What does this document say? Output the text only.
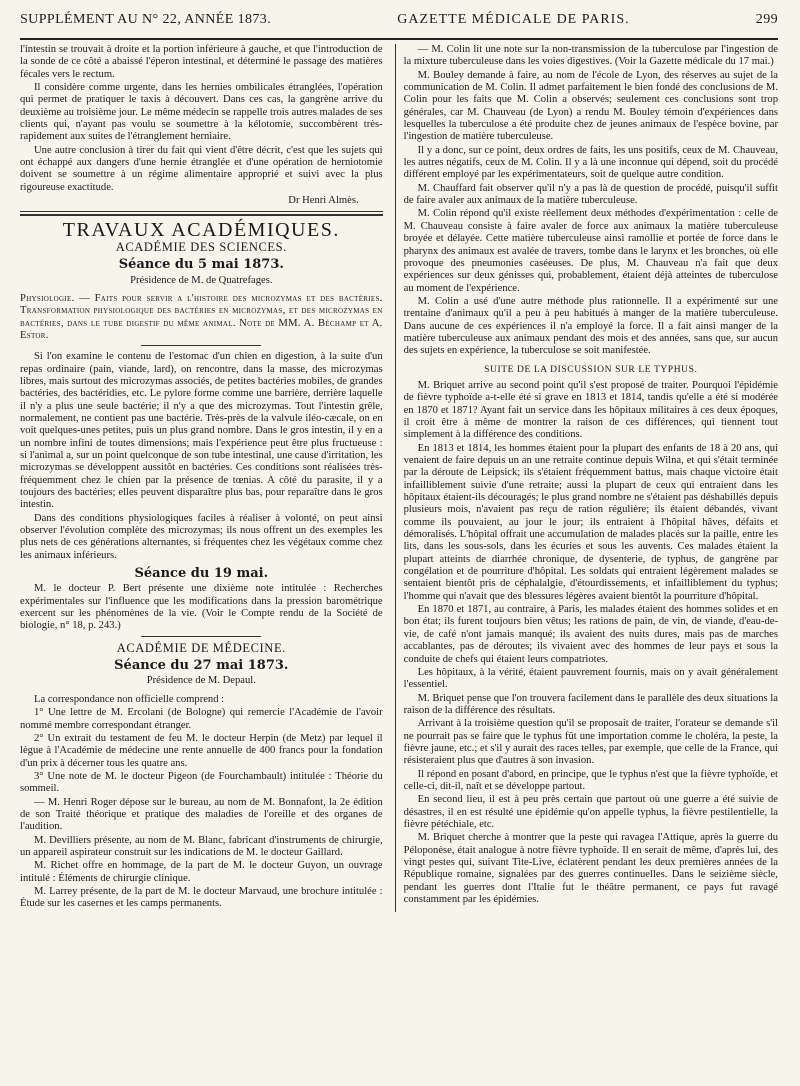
SUPPLÉMENT AU N° 22, ANNÉE 1873.	GAZETTE MÉDICALE DE PARIS.	299

l'intestin se trouvait à droite et la portion inférieure à gauche, et que l'introduction de la sonde de ce côté a abaissé l'éperon intestinal, et déterminé le passage des matières fécales vers le rectum.

Il considère comme urgente, dans les hernies ombilicales étranglées, l'opération qui permet de pratiquer le taxis à découvert. Dans ces cas, la gangrène arrive du deuxième au troisième jour. Le même médecin se rappelle trois autres malades de ses clients qui, n'ayant pas voulu se soumettre à la kélotomie, succombèrent très-rapidement aux suites de l'étranglement herniaire.

Une autre conclusion à tirer du fait qui vient d'être décrit, c'est que les sujets qui ont échappé aux dangers d'une hernie étranglée et d'une opération de herniotomie doivent se soumettre à un régime alimentaire approprié et suivi avec la plus rigoureuse exactitude.

Dr Henri Almès.
TRAVAUX ACADÉMIQUES.
ACADÉMIE DES SCIENCES.
Séance du 5 mai 1873.
Présidence de M. de Quatrefages.

Physiologie. — Faits pour servir a l'histoire des microzymas et des bactéries. Transformation physiologique des bactéries en microzymas, et des microzymas en bactéries, dans le tube digestif du même animal. Note de MM. A. Béchamp et A. Estor.

Si l'on examine le contenu de l'estomac d'un chien en digestion, à la suite d'un repas ordinaire (pain, viande, lard), on rencontre, dans la masse, des microzymas libres, mais surtout des microzymas associés, de petites bactéries mobiles, de grandes bactéries, des bactéridies, etc. Le pylore forme comme une barrière, derrière laquelle il n'y a plus une seule bactérie; il n'y a que des microzymas. Tout l'intestin grêle, normalement, ne contient pas une bactérie. Très-près de la valvule iléo-cæcale, on en voit quelques-unes petites, puis un plus grand nombre. Dans le gros intestin, il y en a un nombre infini de toutes dimensions; mais l'expérience peut être plus fructueuse : si l'animal a, sur un point quelconque de son tube intestinal, une cause d'irritation, les microzymas se développent aussitôt en bactéries. Ces conditions sont réalisées très-fréquemment chez le chien par la présence de tœnias. A côté du parasite, il y a toujours des bactéries; elles peuvent disparaître plus bas, pour reparaître dans le gros intestin.

Dans des conditions physiologiques faciles à réaliser à volonté, on peut ainsi observer l'évolution complète des microzymas; ils nous offrent un des exemples les plus nets de ces générations alternantes, si fréquentes chez les végétaux comme chez les animaux inférieurs.

Séance du 19 mai.

M. le docteur P. Bert présente une dixième note intitulée : Recherches expérimentales sur l'influence que les modifications dans la pression barométrique exercent sur les phénomènes de la vie. (Voir le Compte rendu de la Société de biologie, n° 18, p. 243.)

ACADÉMIE DE MÉDECINE.
Séance du 27 mai 1873.
Présidence de M. Depaul.

La correspondance non officielle comprend :

1° Une lettre de M. Ercolani (de Bologne) qui remercie l'Académie de l'avoir nommé membre correspondant étranger.

2° Un extrait du testament de feu M. le docteur Herpin (de Metz) par lequel il lègue à l'Académie de médecine une rente annuelle de 400 francs pour la fondation d'un prix à décerner tous les quatre ans.

3° Une note de M. le docteur Pigeon (de Fourchambault) intitulée : Théorie du sommeil.

— M. Henri Roger dépose sur le bureau, au nom de M. Bonnafont, la 2e édition de son Traité théorique et pratique des maladies de l'oreille et des organes de l'audition.

M. Devilliers présente, au nom de M. Blanc, fabricant d'instruments de chirurgie, un appareil aspirateur construit sur les indications de M. le docteur Gaillard.

M. Richet offre en hommage, de la part de M. le docteur Guyon, un ouvrage intitulé : Éléments de chirurgie clinique.

M. Larrey présente, de la part de M. le docteur Marvaud, une brochure intitulée : Étude sur les casernes et les camps permanents.

— M. Colin lit une note sur la non-transmission de la tuberculose par l'ingestion de la mixture tuberculeuse dans les voies digestives. (Voir la Gazette médicale du 17 mai.)

M. Bouley demande à faire, au nom de l'école de Lyon, des réserves au sujet de la communication de M. Colin. Il admet parfaitement le bien fondé des conclusions de M. Colin pour les faits que M. Colin a observés; seulement ces conclusions sont trop générales, car M. Chauveau (de Lyon) a rendu M. Bouley témoin d'expériences dans lesquelles la tuberculose a été produite chez de jeunes animaux de l'espèce bovine, par l'ingestion de matière tuberculeuse.

Il y a donc, sur ce point, deux ordres de faits, les uns positifs, ceux de M. Chauveau, les autres négatifs, ceux de M. Colin. Il y a là une inconnue qui dépend, soit du procédé différent employé par les expérimentateurs, soit de quelque autre condition.

M. Chauffard fait observer qu'il n'y a pas là de question de procédé, puisqu'il suffit de faire avaler aux animaux de la matière tuberculeuse.

M. Colin répond qu'il existe réellement deux méthodes d'expérimentation : celle de M. Chauveau consiste à faire avaler de force aux animaux la matière tuberculeuse broyée et délayée. Cette matière tuberculeuse ainsi ramollie et portée de force dans le pharynx des animaux est avalée de travers, tombe dans le larynx et les bronches, où elle provoque des pneumonies caséeuses. De plus, M. Chauveau n'a fait que deux expériences sur deux génisses qui, probablement, étaient déjà atteintes de tuberculose au moment de l'expérience.

M. Colin a usé d'une autre méthode plus rationnelle. Il a expérimenté sur une trentaine d'animaux qu'il a peu à peu habitués à manger de la matière tuberculeuse. Dans aucune de ces expériences il n'a employé la force. Il a fait ainsi manger de la matière tuberculeuse aux animaux pendant des mois et des années, sans que, sur aucun des sujets en expérience, la tuberculose se soit manifestée.

SUITE DE LA DISCUSSION SUR LE TYPHUS.

M. Briquet arrive au second point qu'il s'est proposé de traiter. Pourquoi l'épidémie de fièvre typhoïde a-t-elle été si grave en 1813 et 1814, tandis qu'elle a été si modérée en 1870 et 1871? Ayant fait un service dans les hôpitaux militaires à ces deux époques, il croit être à même de montrer la raison de ces différences, qui tiennent tout simplement à la différence des conditions.

En 1813 et 1814, les hommes étaient pour la plupart des enfants de 18 à 20 ans, qui venaient de faire depuis un an une retraite continue depuis Wilna, et qui s'était terminée par la déroute de Leipsick; ils s'étaient fréquemment battus, mais chaque victoire était infailliblement suivie d'une retraite; aussi la plupart de ceux qui entraient dans les hôpitaux étaient-ils découragés; le plus grand nombre ne s'étaient pas déshabillés depuis plusieurs mois, n'avaient pas reçu de ration régulière; ils étaient débandés, vivant comme ils pouvaient, au jour le jour; ils entraient à l'hôpital hâves, défaits et démoralisés. L'hôpital offrait une accumulation de malades placés sur la paille, entre les lits, dans les sous-sols, dans les écuries et sous les auvents. Ces malades étaient la plupart atteints de diarrhée chronique, de dysenterie, de typhus, de gangrène par congélation et de pourriture d'hôpital. Les soldats qui entraient légèrement malades se sentaient bientôt pris de céphalalgie, d'étourdissements, et infailliblement du typhus; l'homme qui n'avait que des blessures légères avaient bientôt la pourriture d'hôpital.

En 1870 et 1871, au contraire, à Paris, les malades étaient des hommes solides et en bon état; ils furent toujours bien vêtus; les rations de pain, de vin, de viande, d'eau-de-vie, de café n'ont jamais manqué; ils avaient des nuits dures, mais pas de marches accablantes, pas de déroutes; ils vivaient avec des hommes de leur pays et sous la conduite de chefs qui étaient leurs compatriotes.

Les hôpitaux, à la vérité, étaient pauvrement fournis, mais on y avait généralement l'essentiel.

M. Briquet pense que l'on trouvera facilement dans le parallèle des deux situations la raison de la différence des résultats.

Arrivant à la troisième question qu'il se proposait de traiter, l'orateur se demande s'il ne pourrait pas se faire que le typhus fût une importation comme le choléra, la peste, la fièvre jaune, etc.; et s'il y aurait des races telles, par exemple, que celle de la France, qui résisteraient plus que d'autres à son invasion.

Il répond en posant d'abord, en principe, que le typhus n'est que la fièvre typhoïde, et celle-ci, dit-il, naît et se développe partout.

En second lieu, il est à peu près certain que partout où une guerre a été suivie de désastres, il en est résulté une épidémie qu'on appelle typhus, la fièvre pestilentielle, la fièvre pétéchiale, etc.

M. Briquet cherche à montrer que la peste qui ravagea l'Attique, après la guerre du Péloponèse, était analogue à notre fièvre typhoïde. Il en serait de même, d'après lui, des vingt pestes qui, suivant Tite-Live, éclatèrent pendant les deux premières années de la République romaine, signalées par des guerres continuelles. Dans le seizième siècle, pendant les guerres dont l'Italie fut le théâtre permanent, ce pays fut ravagé constamment par les épidémies.
